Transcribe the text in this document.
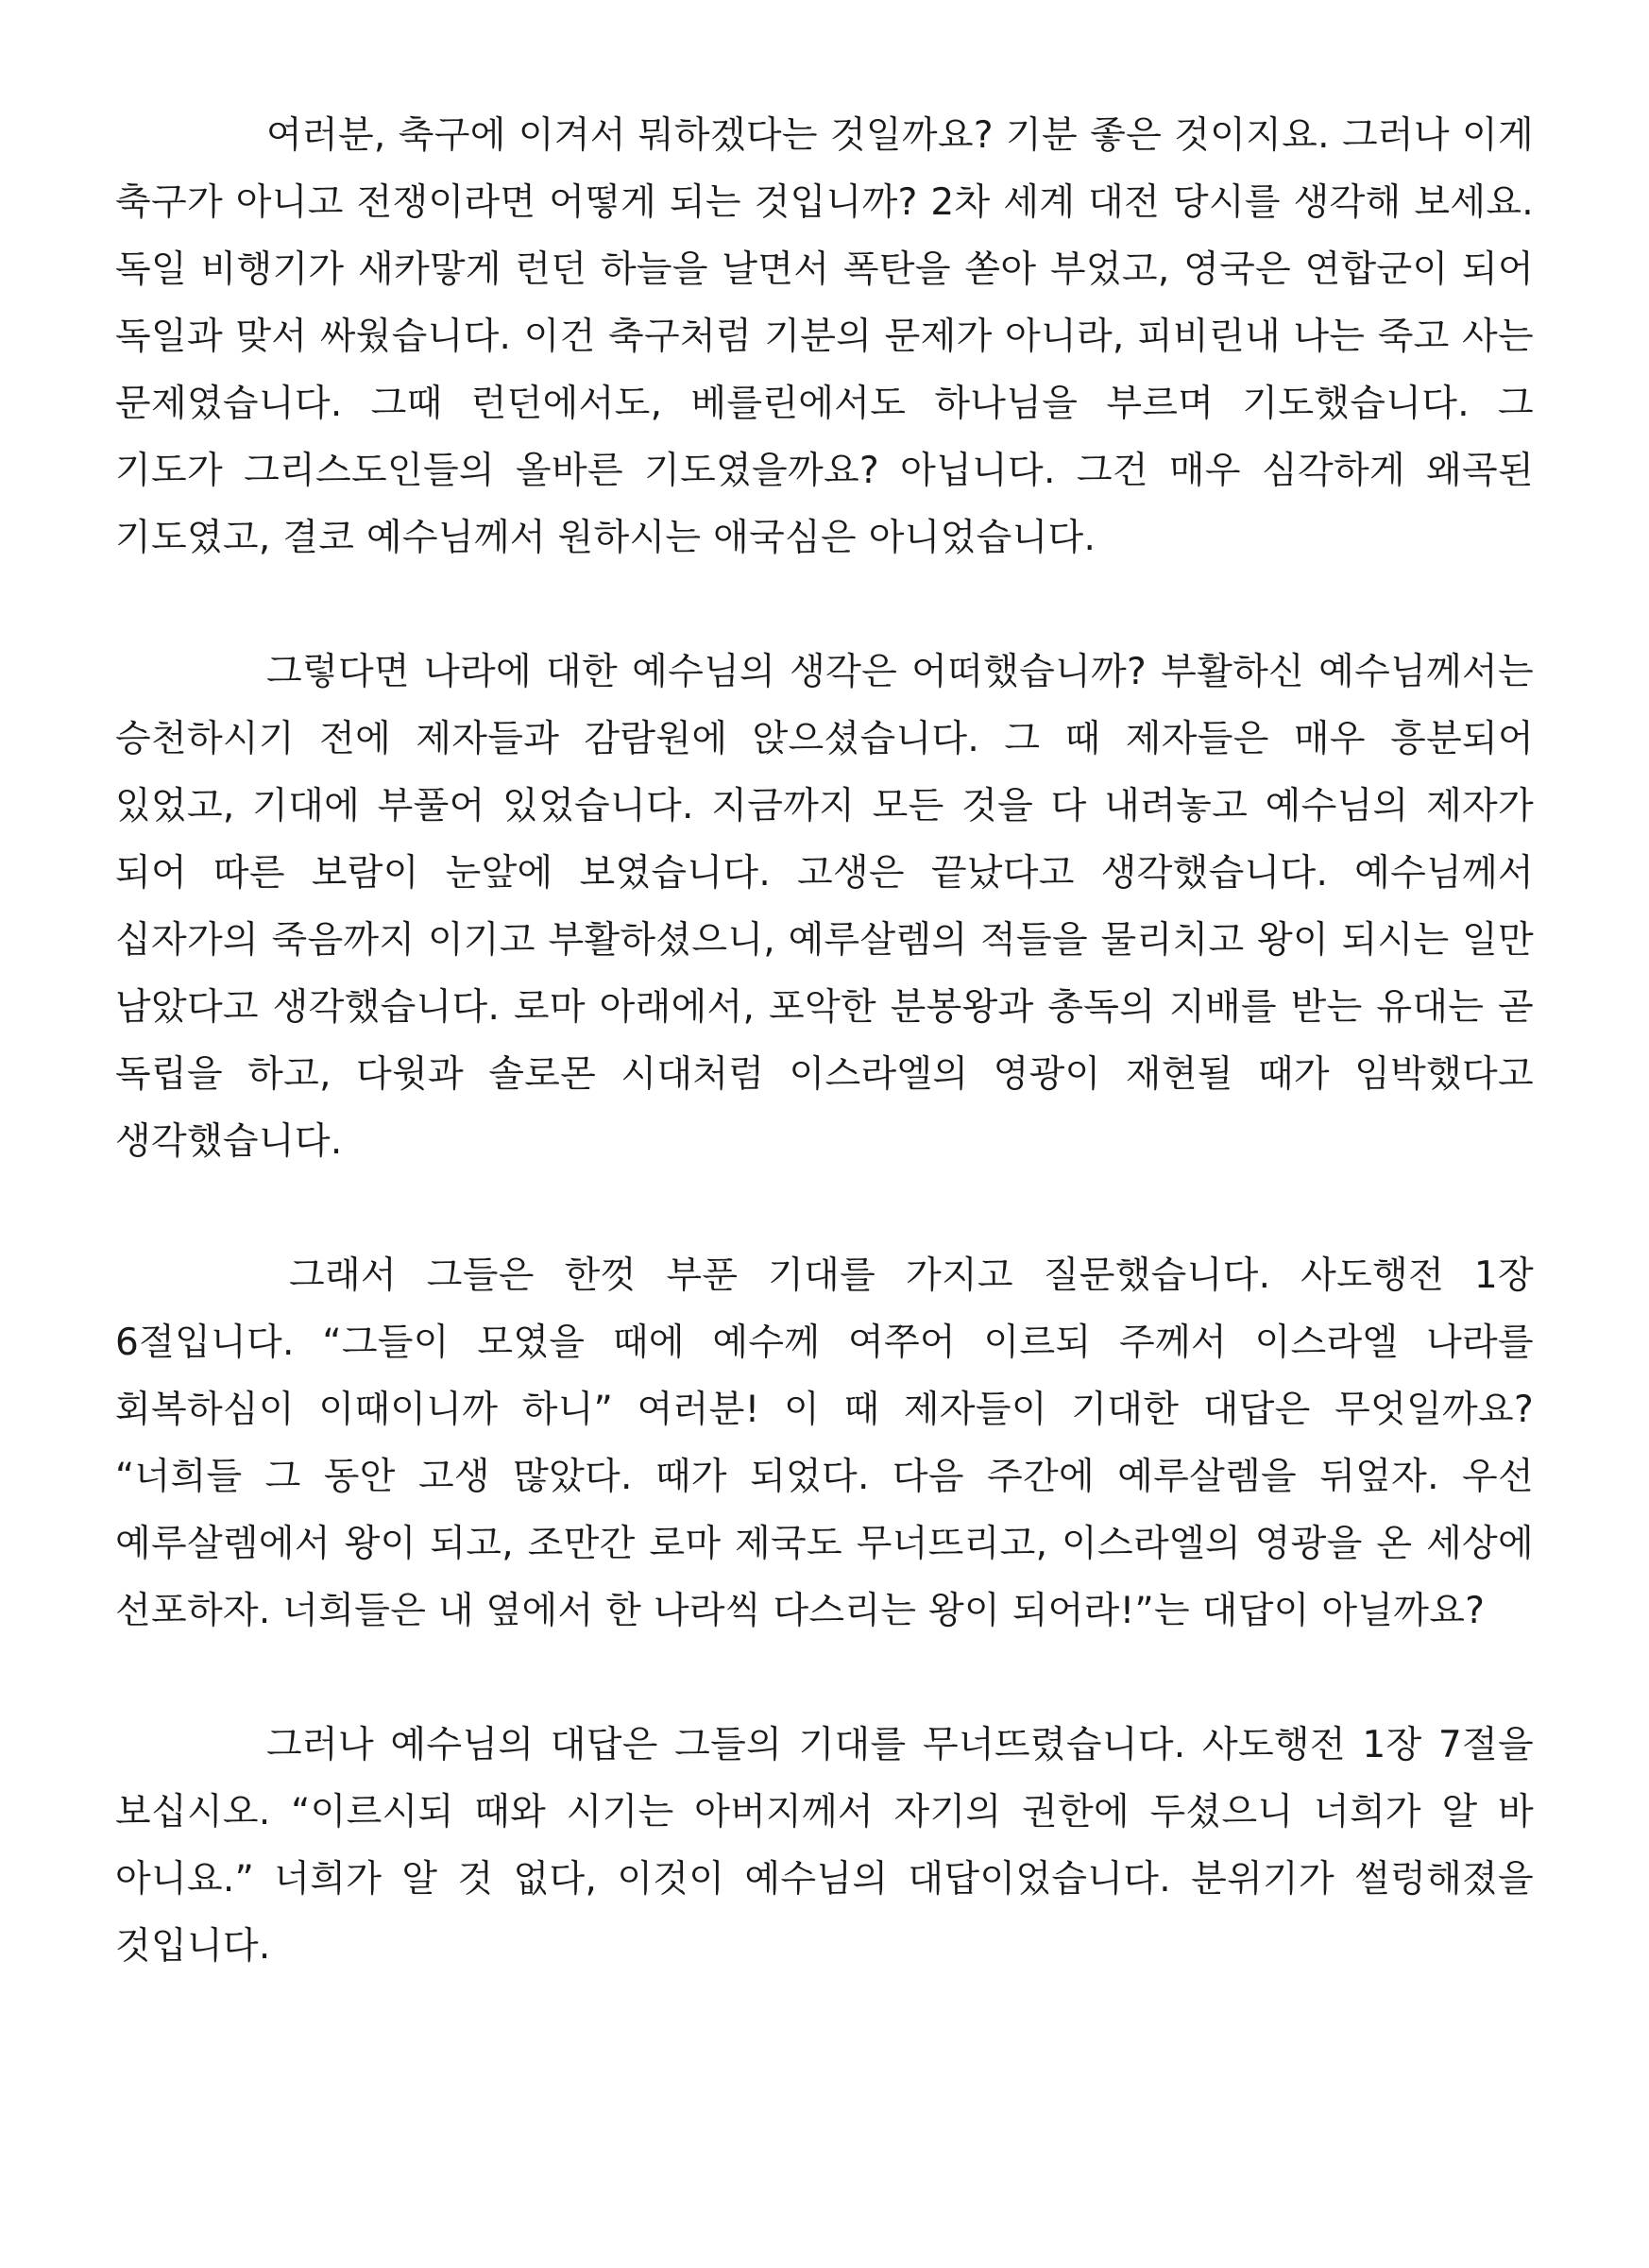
여러분, 축구에 이겨서 뭐하겠다는 것일까요? 기분 좋은 것이지요. 그러나 이게 축구가 아니고 전쟁이라면 어떻게 되는 것입니까? 2차 세계 대전 당시를 생각해 보세요. 독일 비행기가 새카맣게 런던 하늘을 날면서 폭탄을 쏟아 부었고, 영국은 연합군이 되어 독일과 맞서 싸웠습니다. 이건 축구처럼 기분의 문제가 아니라, 피비린내 나는 죽고 사는 문제였습니다. 그때 런던에서도, 베를린에서도 하나님을 부르며 기도했습니다. 그 기도가 그리스도인들의 올바른 기도였을까요? 아닙니다. 그건 매우 심각하게 왜곡된 기도였고, 결코 예수님께서 원하시는 애국심은 아니었습니다.

그렇다면 나라에 대한 예수님의 생각은 어떠했습니까? 부활하신 예수님께서는 승천하시기 전에 제자들과 감람원에 앉으셨습니다. 그 때 제자들은 매우 흥분되어 있었고, 기대에 부풀어 있었습니다. 지금까지 모든 것을 다 내려놓고 예수님의 제자가 되어 따른 보람이 눈앞에 보였습니다. 고생은 끝났다고 생각했습니다. 예수님께서 십자가의 죽음까지 이기고 부활하셨으니, 예루살렘의 적들을 물리치고 왕이 되시는 일만 남았다고 생각했습니다. 로마 아래에서, 포악한 분봉왕과 총독의 지배를 받는 유대는 곧 독립을 하고, 다윗과 솔로몬 시대처럼 이스라엘의 영광이 재현될 때가 임박했다고 생각했습니다.

그래서 그들은 한껏 부푼 기대를 가지고 질문했습니다. 사도행전 1장 6절입니다. “그들이 모였을 때에 예수께 여쭈어 이르되 주께서 이스라엘 나라를 회복하심이 이때이니까 하니” 여러분! 이 때 제자들이 기대한 대답은 무엇일까요? “너희들 그 동안 고생 많았다. 때가 되었다. 다음 주간에 예루살렘을 뒤엎자. 우선 예루살렘에서 왕이 되고, 조만간 로마 제국도 무너뜨리고, 이스라엘의 영광을 온 세상에 선포하자. 너희들은 내 옆에서 한 나라씩 다스리는 왕이 되어라!”는 대답이 아닐까요?

그러나 예수님의 대답은 그들의 기대를 무너뜨렸습니다. 사도행전 1장 7절을 보십시오. “이르시되 때와 시기는 아버지께서 자기의 권한에 두셨으니 너희가 알 바 아니요.” 너희가 알 것 없다, 이것이 예수님의 대답이었습니다. 분위기가 썰렁해졌을 것입니다.
